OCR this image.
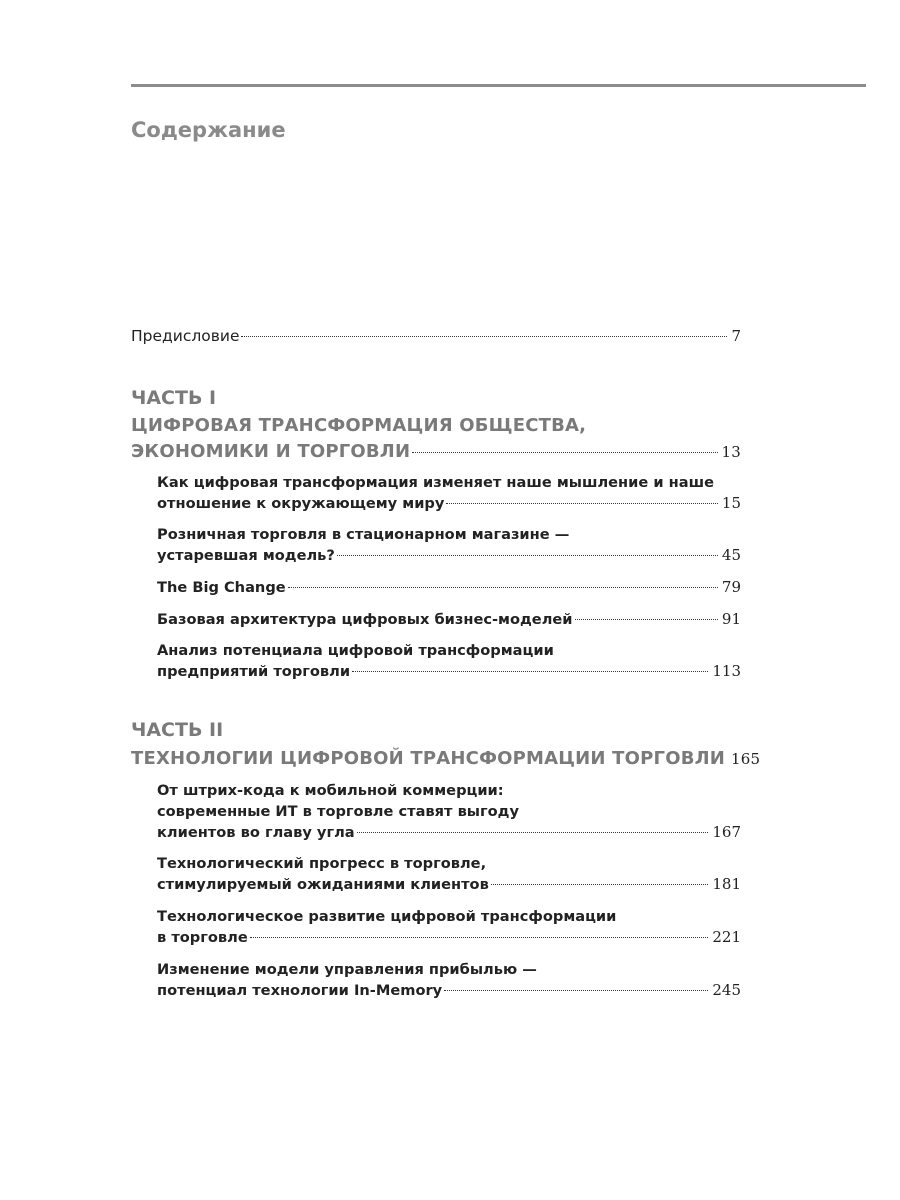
Содержание
Предисловие	7
ЧАСТЬ I
ЦИФРОВАЯ ТРАНСФОРМАЦИЯ ОБЩЕСТВА,
ЭКОНОМИКИ И ТОРГОВЛИ	13
Как цифровая трансформация изменяет наше мышление и наше
отношение к окружающему миру	15
Розничная торговля в стационарном магазине —
устаревшая модель?	45
The Big Change	79
Базовая архитектура цифровых бизнес-моделей	91
Анализ потенциала цифровой трансформации
предприятий торговли	113
ЧАСТЬ II
ТЕХНОЛОГИИ ЦИФРОВОЙ ТРАНСФОРМАЦИИ ТОРГОВЛИ 165
От штрих-кода к мобильной коммерции:
современные ИТ в торговле ставят выгоду
клиентов во главу угла	167
Технологический прогресс в торговле,
стимулируемый ожиданиями клиентов	181
Технологическое развитие цифровой трансформации
в торговле	221
Изменение модели управления прибылью —
потенциал технологии In-Memory	245
